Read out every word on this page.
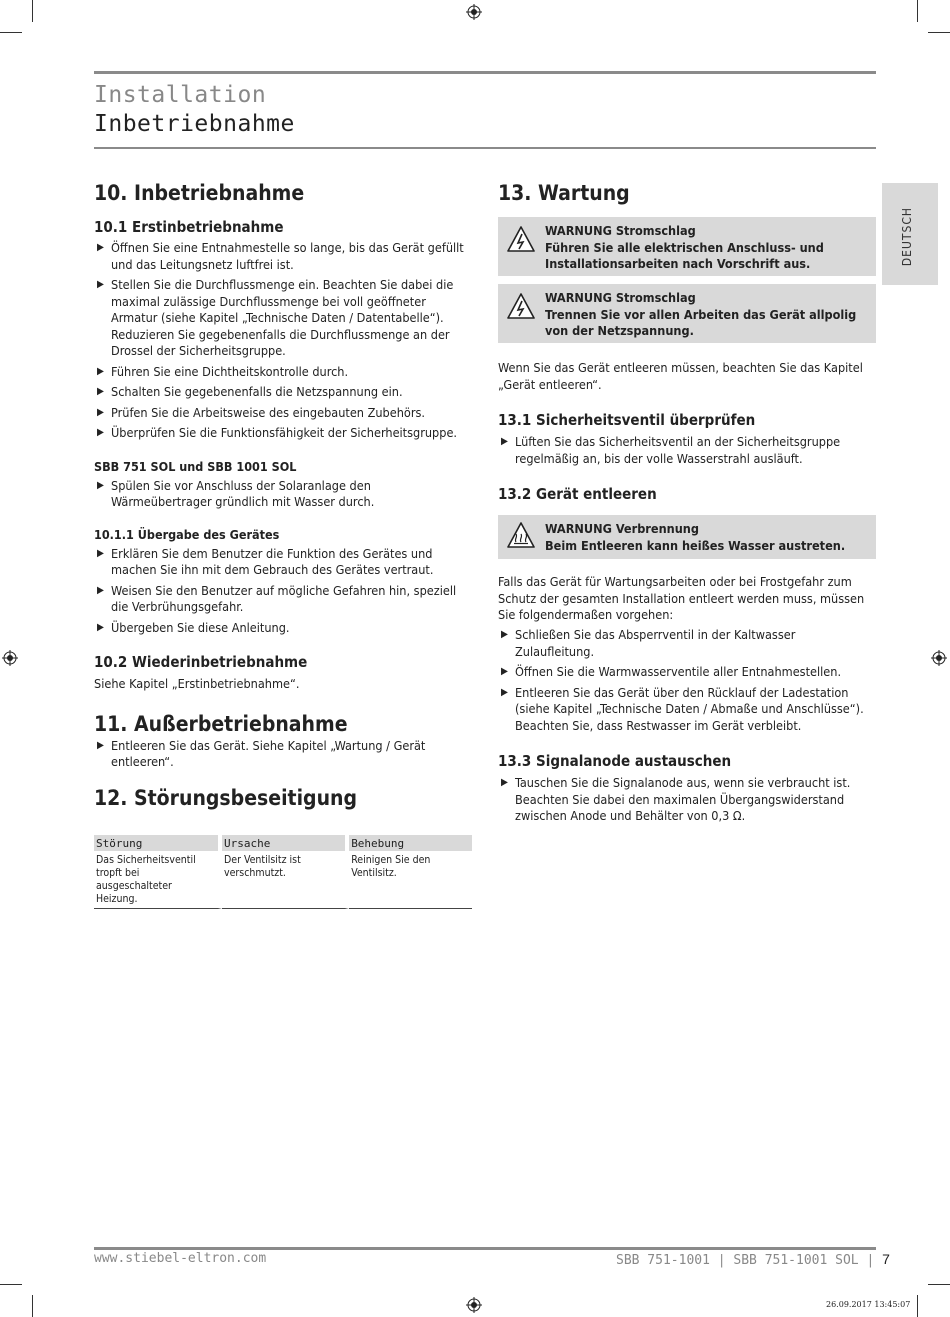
Installation
Inbetriebnahme
DEUTSCH
10. Inbetriebnahme
10.1 Erstinbetriebnahme
▶ Öffnen Sie eine Entnahmestelle so lange, bis das Gerät gefüllt und das Leitungsnetz luftfrei ist.
▶ Stellen Sie die Durchflussmenge ein. Beachten Sie dabei die maximal zulässige Durchflussmenge bei voll geöffneter Armatur (siehe Kapitel „Technische Daten / Datentabelle“). Reduzieren Sie gegebenenfalls die Durchflussmenge an der Drossel der Sicherheitsgruppe.
▶ Führen Sie eine Dichtheitskontrolle durch.
▶ Schalten Sie gegebenenfalls die Netzspannung ein.
▶ Prüfen Sie die Arbeitsweise des eingebauten Zubehörs.
▶ Überprüfen Sie die Funktionsfähigkeit der Sicherheitsgruppe.
SBB 751 SOL und SBB 1001 SOL
▶ Spülen Sie vor Anschluss der Solaranlage den Wärmeübertrager gründlich mit Wasser durch.
10.1.1 Übergabe des Gerätes
▶ Erklären Sie dem Benutzer die Funktion des Gerätes und machen Sie ihn mit dem Gebrauch des Gerätes vertraut.
▶ Weisen Sie den Benutzer auf mögliche Gefahren hin, speziell die Verbrühungsgefahr.
▶ Übergeben Sie diese Anleitung.
10.2 Wiederinbetriebnahme
Siehe Kapitel „Erstinbetriebnahme“.
11. Außerbetriebnahme
▶ Entleeren Sie das Gerät. Siehe Kapitel „Wartung / Gerät entleeren“.
12. Störungsbeseitigung
Störung	Ursache	Behebung
Das Sicherheitsventil tropft bei ausgeschalteter Heizung.	Der Ventilsitz ist verschmutzt.	Reinigen Sie den Ventilsitz.
13. Wartung
WARNUNG Stromschlag
Führen Sie alle elektrischen Anschluss- und Installationsarbeiten nach Vorschrift aus.
WARNUNG Stromschlag
Trennen Sie vor allen Arbeiten das Gerät allpolig von der Netzspannung.
Wenn Sie das Gerät entleeren müssen, beachten Sie das Kapitel „Gerät entleeren“.
13.1 Sicherheitsventil überprüfen
▶ Lüften Sie das Sicherheitsventil an der Sicherheitsgruppe regelmäßig an, bis der volle Wasserstrahl ausläuft.
13.2 Gerät entleeren
WARNUNG Verbrennung
Beim Entleeren kann heißes Wasser austreten.
Falls das Gerät für Wartungsarbeiten oder bei Frostgefahr zum Schutz der gesamten Installation entleert werden muss, müssen Sie folgendermaßen vorgehen:
▶ Schließen Sie das Absperrventil in der Kaltwasser Zulaufleitung.
▶ Öffnen Sie die Warmwasserventile aller Entnahmestellen.
▶ Entleeren Sie das Gerät über den Rücklauf der Ladestation (siehe Kapitel „Technische Daten / Abmaße und Anschlüsse“). Beachten Sie, dass Restwasser im Gerät verbleibt.
13.3 Signalanode austauschen
▶ Tauschen Sie die Signalanode aus, wenn sie verbraucht ist. Beachten Sie dabei den maximalen Übergangswiderstand zwischen Anode und Behälter von 0,3 Ω.
www.stiebel-eltron.com	SBB 751-1001 | SBB 751-1001 SOL | 7
26.09.2017 13:45:07
